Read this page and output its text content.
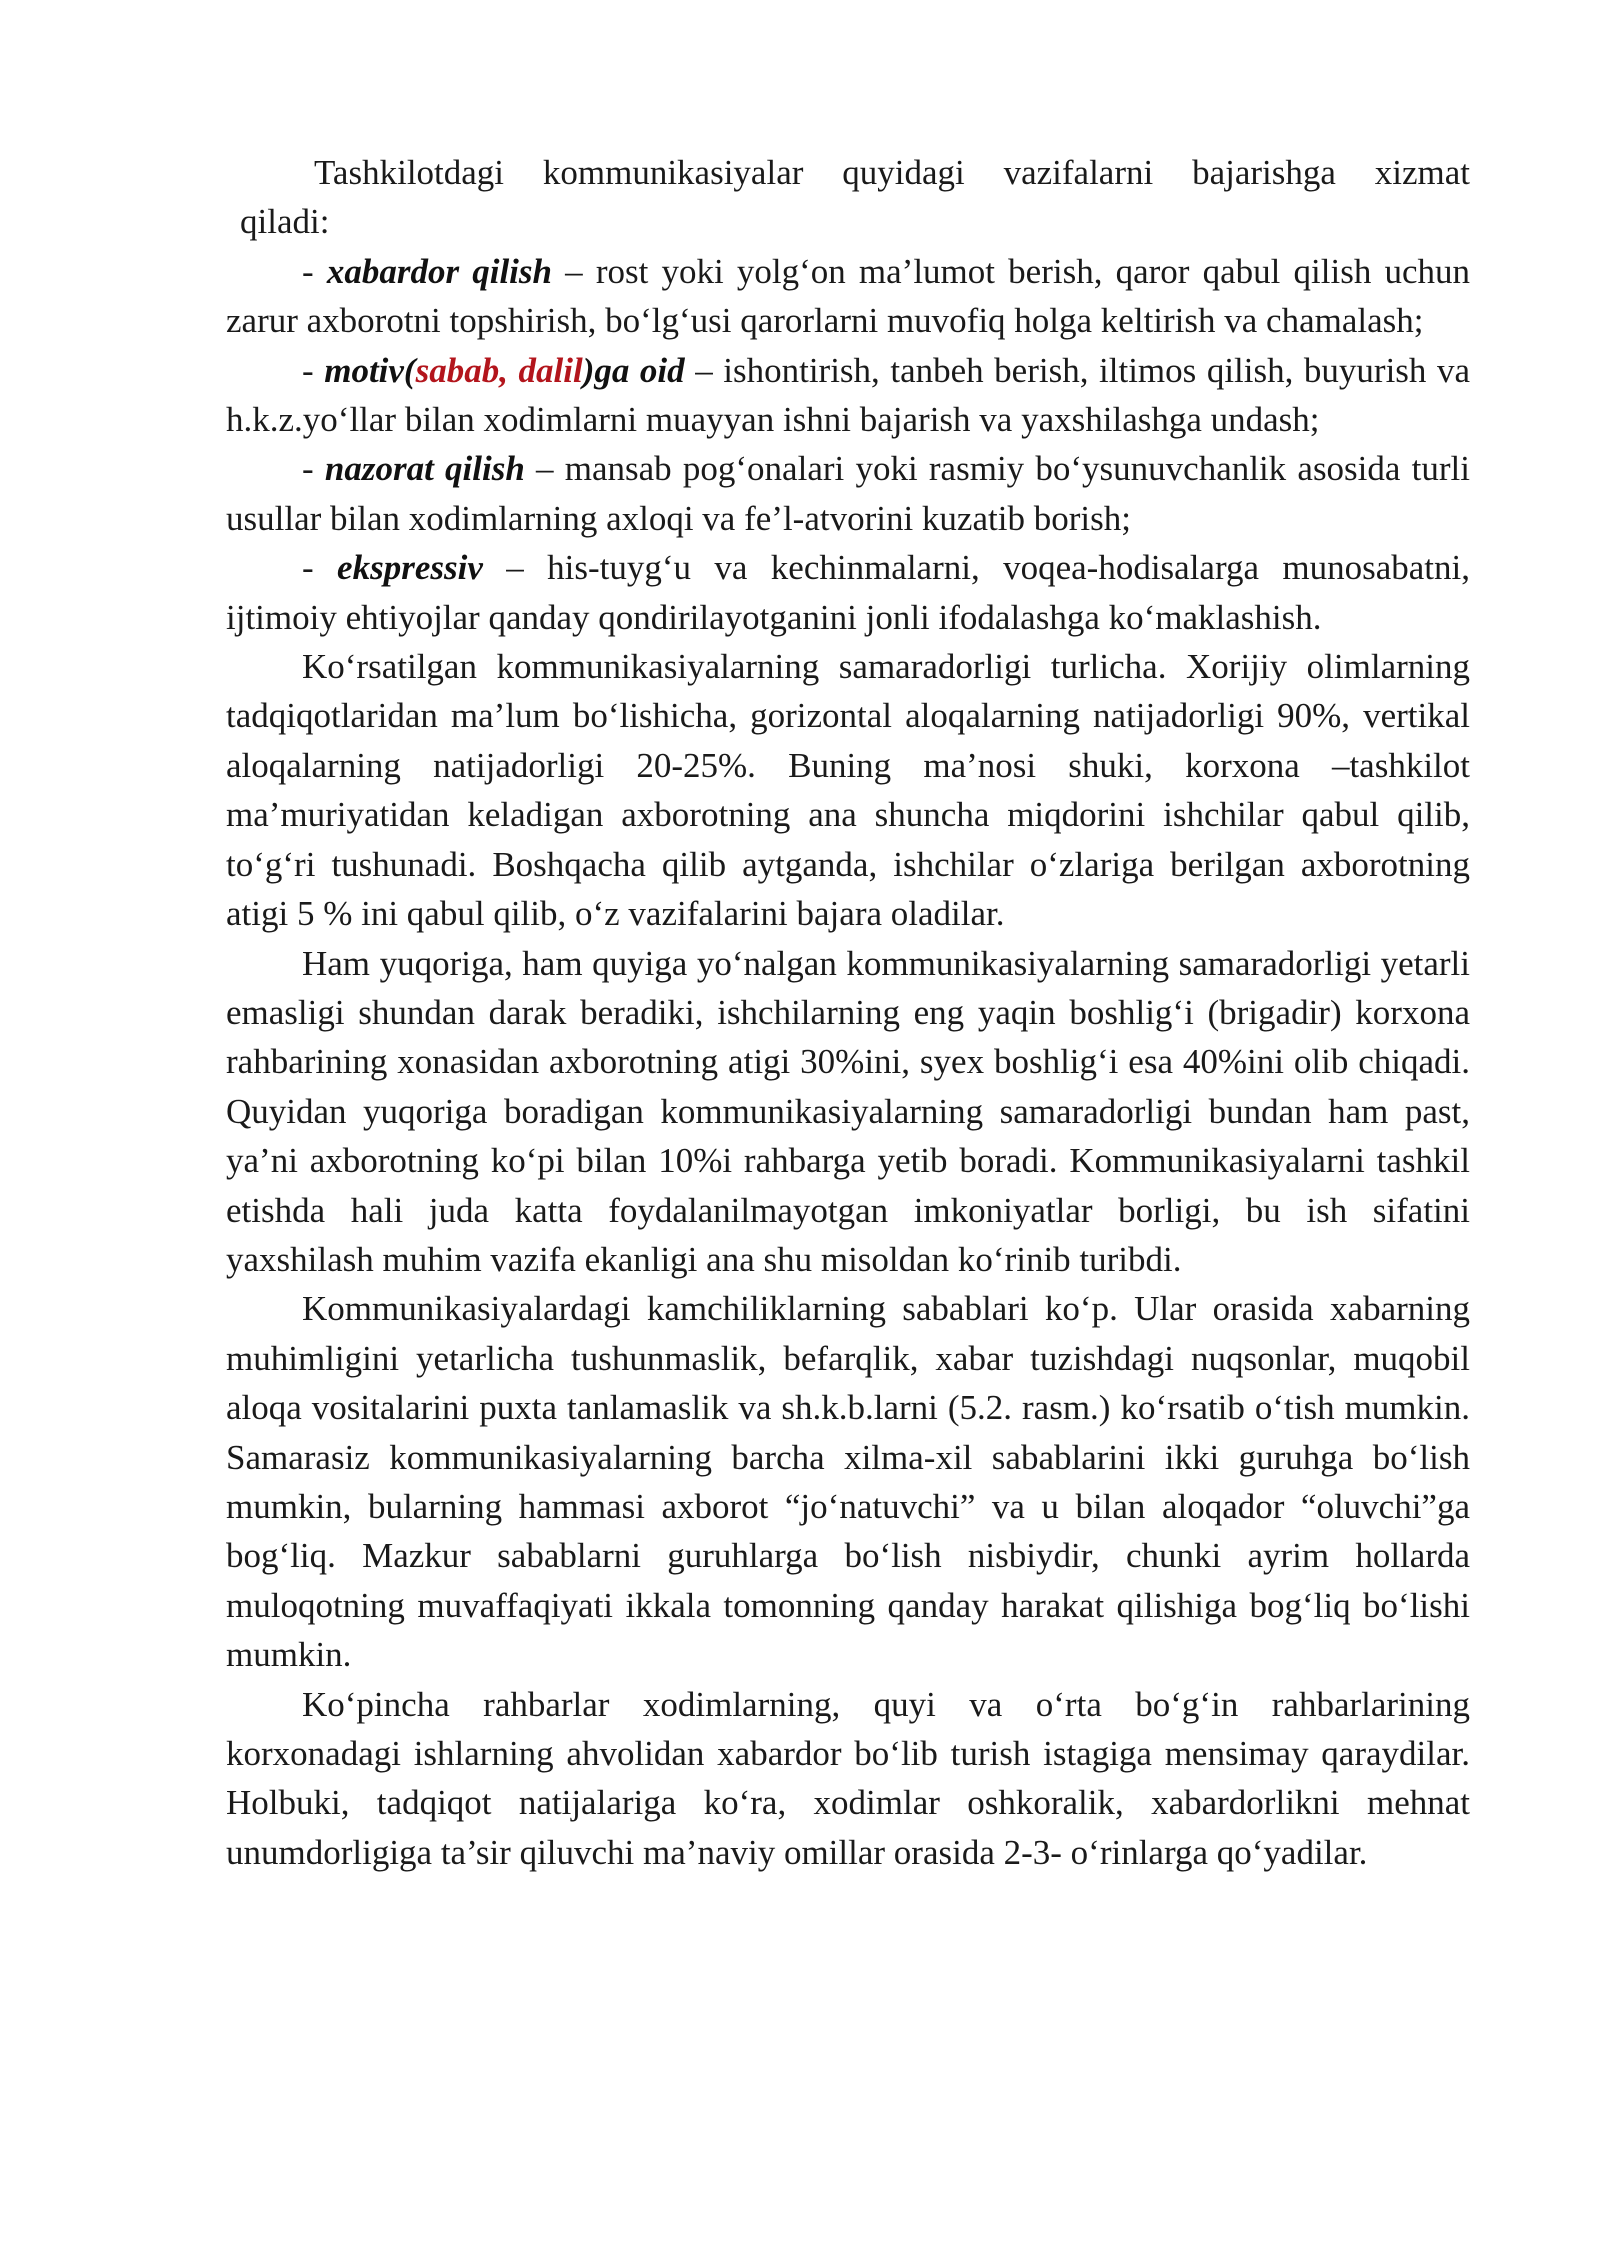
Tashkilotdagi kommunikasiyalar quyidagi vazifalarni bajarishga xizmat

qiladi:

- xabardor qilish – rost yoki yolg‘on ma’lumot berish, qaror qabul qilish uchun zarur axborotni topshirish, bo‘lg‘usi qarorlarni muvofiq holga keltirish va chamalash;

- motiv(sabab, dalil)ga oid – ishontirish, tanbeh berish, iltimos qilish, buyurish va h.k.z.yo‘llar bilan xodimlarni muayyan ishni bajarish va yaxshilashga undash;

- nazorat qilish – mansab pog‘onalari yoki rasmiy bo‘ysunuvchanlik asosida turli usullar bilan xodimlarning axloqi va fe’l-atvorini kuzatib borish;

- ekspressiv – his-tuyg‘u va kechinmalarni, voqea-hodisalarga munosabatni, ijtimoiy ehtiyojlar qanday qondirilayotganini jonli ifodalashga ko‘maklashish.

Ko‘rsatilgan kommunikasiyalarning samaradorligi turlicha. Xorijiy olimlarning tadqiqotlaridan ma’lum bo‘lishicha, gorizontal aloqalarning natijadorligi 90%, vertikal aloqalarning natijadorligi 20-25%. Buning ma’nosi shuki, korxona –tashkilot ma’muriyatidan keladigan axborotning ana shuncha miqdorini ishchilar qabul qilib, to‘g‘ri tushunadi. Boshqacha qilib aytganda, ishchilar o‘zlariga berilgan axborotning atigi 5 % ini qabul qilib, o‘z vazifalarini bajara oladilar.

Ham yuqoriga, ham quyiga yo‘nalgan kommunikasiyalarning samaradorligi yetarli emasligi shundan darak beradiki, ishchilarning eng yaqin boshlig‘i (brigadir) korxona rahbarining xonasidan axborotning atigi 30%ini, syex boshlig‘i esa 40%ini olib chiqadi. Quyidan yuqoriga boradigan kommunikasiyalarning samaradorligi bundan ham past, ya’ni axborotning ko‘pi bilan 10%i rahbarga yetib boradi. Kommunikasiyalarni tashkil etishda hali juda katta foydalanilmayotgan imkoniyatlar borligi, bu ish sifatini yaxshilash muhim vazifa ekanligi ana shu misoldan ko‘rinib turibdi.

Kommunikasiyalardagi kamchiliklarning sabablari ko‘p. Ular orasida xabarning muhimligini yetarlicha tushunmaslik, befarqlik, xabar tuzishdagi nuqsonlar, muqobil aloqa vositalarini puxta tanlamaslik va sh.k.b.larni (5.2. rasm.) ko‘rsatib o‘tish mumkin. Samarasiz kommunikasiyalarning barcha xilma-xil sabablarini ikki guruhga bo‘lish mumkin, bularning hammasi axborot “jo‘natuvchi” va u bilan aloqador “oluvchi”ga bog‘liq. Mazkur sabablarni guruhlarga bo‘lish nisbiydir, chunki ayrim hollarda muloqotning muvaffaqiyati ikkala tomonning qanday harakat qilishiga bog‘liq bo‘lishi mumkin.

Ko‘pincha rahbarlar xodimlarning, quyi va o‘rta bo‘g‘in rahbarlarining korxonadagi ishlarning ahvolidan xabardor bo‘lib turish istagiga mensimay qaraydilar. Holbuki, tadqiqot natijalariga ko‘ra, xodimlar oshkoralik, xabardorlikni mehnat unumdorligiga ta’sir qiluvchi ma’naviy omillar orasida 2-3- o‘rinlarga qo‘yadilar.
